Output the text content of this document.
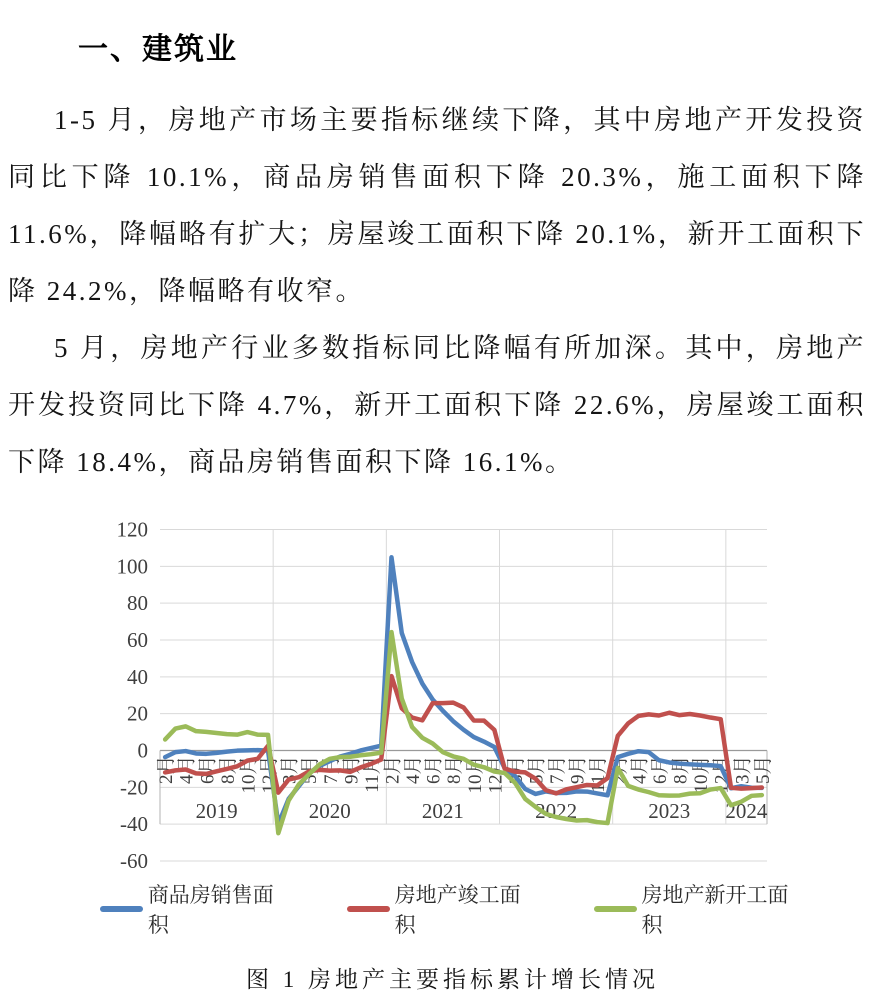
一、建筑业

1-5 月，房地产市场主要指标继续下降，其中房地产开发投资同比下降 10.1%，商品房销售面积下降 20.3%，施工面积下降 11.6%，降幅略有扩大；房屋竣工面积下降 20.1%，新开工面积下降 24.2%，降幅略有收窄。

5 月，房地产行业多数指标同比降幅有所加深。其中，房地产开发投资同比下降 4.7%，新开工面积下降 22.6%，房屋竣工面积下降 18.4%，商品房销售面积下降 16.1%。

120
100
80
60
40
20
0
-20
-40
-60
2月 4月 6月 8月 10月 12月 3月 5月 7月 9月 11月 2月 4月 6月 8月 10月 12月 3月 5月 7月 9月 11月 2月 4月 6月 8月 10月 12月 3月 5月
2019	2020	2021	2022	2023 2024
商品房销售面积
房地产竣工面积
房地产新开工面积
图 1 房地产主要指标累计增长情况
